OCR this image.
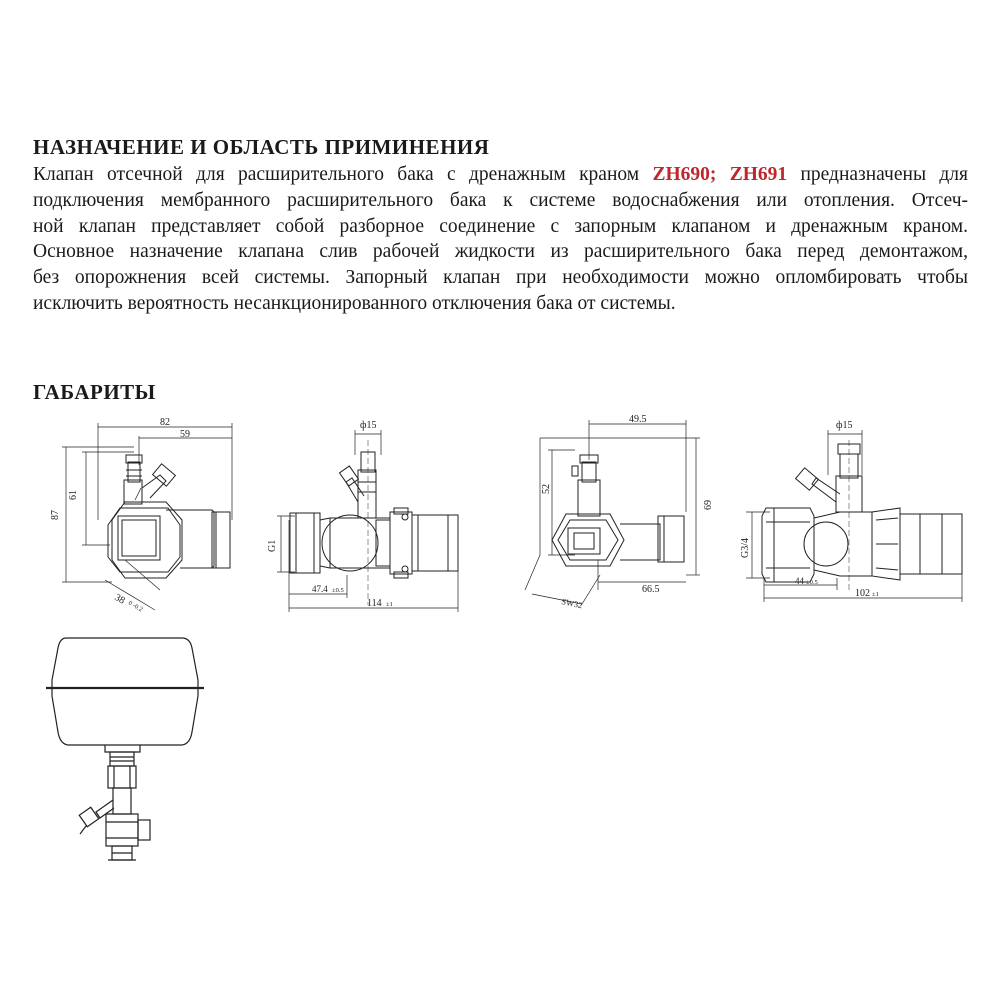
НАЗНАЧЕНИЕ И ОБЛАСТЬ ПРИМИНЕНИЯ
Клапан отсечной для расширительного бака с дренажным краном ZH690; ZH691 предназначены для
подключения мембранного расширительного бака к системе водоснабжения или отопления. Отсеч-
ной клапан представляет собой разборное соединение с запорным клапаном и дренажным краном.
Основное назначение клапана слив рабочей жидкости из расширительного бака перед демонтажом,
без опорожнения всей системы. Запорный клапан при необходимости можно опломбировать чтобы
исключить вероятность несанкционированного отключения бака от системы.
ГАБАРИТЫ
82
59
61
87
38 0 -0.2
ф15
G1
47.4 ±0.5
114 ±1
49.5
52
69
66.5
SW32
ф15
G3/4
44 ±0.5
102 ±1
